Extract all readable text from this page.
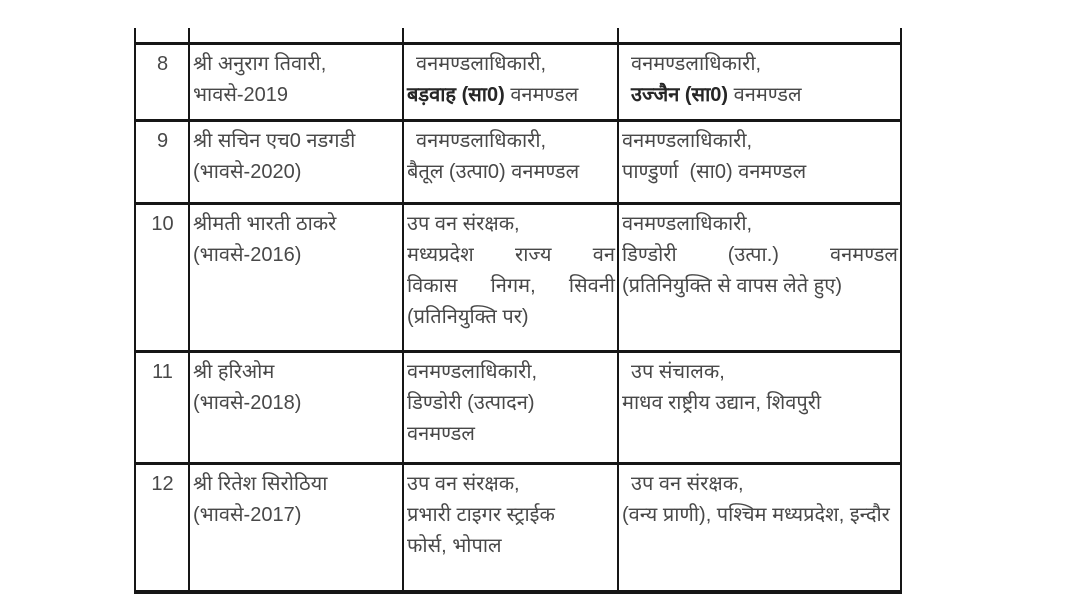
8	श्री अनुराग तिवारी,
भावसे-2019

वनमण्डलाधिकारी,
बड़वाह (सा0) वनमण्डल

वनमण्डलाधिकारी,
उज्जैन (सा0) वनमण्डल

9	श्री सचिन एच0 नडगडी
(भावसे-2020)

वनमण्डलाधिकारी,
बैतूल (उत्पा0) वनमण्डल

वनमण्डलाधिकारी,
पाण्डुर्णा  (सा0) वनमण्डल

10	श्रीमती भारती ठाकरे
(भावसे-2016)

उप वन संरक्षक,
मध्यप्रदेश राज्य वन
विकास निगम, सिवनी
(प्रतिनियुक्ति पर)

वनमण्डलाधिकारी,
डिण्डोरी (उत्पा.) वनमण्डल
(प्रतिनियुक्ति से वापस लेते हुए)

11	श्री हरिओम
(भावसे-2018)

वनमण्डलाधिकारी,
डिण्डोरी (उत्पादन)
वनमण्डल

उप संचालक,
माधव राष्ट्रीय उद्यान, शिवपुरी

12	श्री रितेश सिरोठिया
(भावसे-2017)

उप वन संरक्षक,
प्रभारी टाइगर स्ट्राईक
फोर्स, भोपाल

उप वन संरक्षक,
(वन्य प्राणी), पश्चिम मध्यप्रदेश, इन्दौर
